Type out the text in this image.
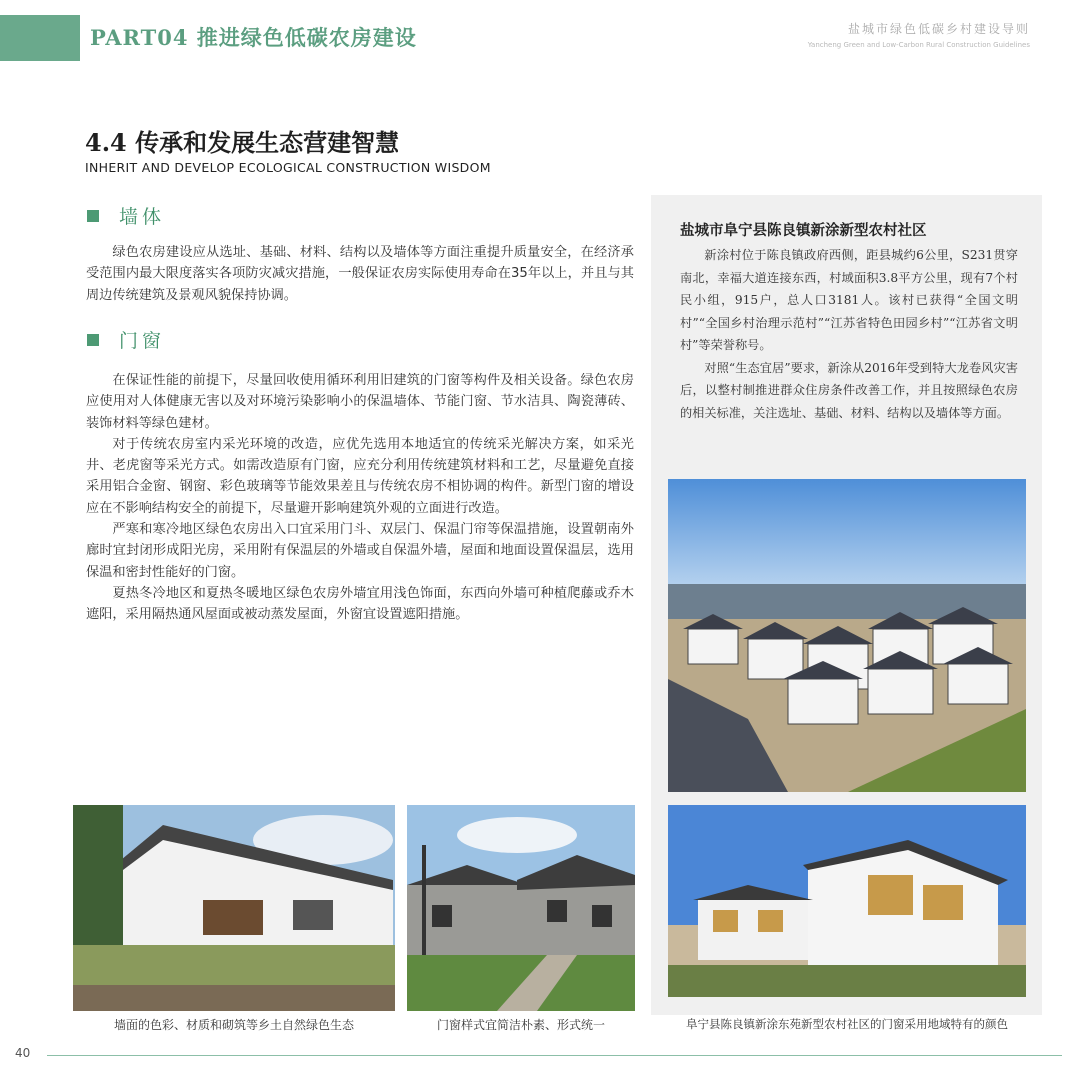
PART04 推进绿色低碳农房建设	盐城市绿色低碳乡村建设导则
Yancheng Green and Low-Carbon Rural Construction Guidelines
4.4 传承和发展生态营建智慧
INHERIT AND DEVELOP ECOLOGICAL CONSTRUCTION WISDOM
墙体

绿色农房建设应从选址、基础、材料、结构以及墙体等方面注重提升质量安全，在经济承受范围内最大限度落实各项防灾减灾措施，一般保证农房实际使用寿命在35年以上，并且与其周边传统建筑及景观风貌保持协调。

门窗

在保证性能的前提下，尽量回收使用循环利用旧建筑的门窗等构件及相关设备。绿色农房应使用对人体健康无害以及对环境污染影响小的保温墙体、节能门窗、节水洁具、陶瓷薄砖、装饰材料等绿色建材。

对于传统农房室内采光环境的改造，应优先选用本地适宜的传统采光解决方案，如采光井、老虎窗等采光方式。如需改造原有门窗，应充分利用传统建筑材料和工艺，尽量避免直接采用铝合金窗、钢窗、彩色玻璃等节能效果差且与传统农房不相协调的构件。新型门窗的增设应在不影响结构安全的前提下，尽量避开影响建筑外观的立面进行改造。

严寒和寒冷地区绿色农房出入口宜采用门斗、双层门、保温门帘等保温措施，设置朝南外廊时宜封闭形成阳光房，采用附有保温层的外墙或自保温外墙，屋面和地面设置保温层，选用保温和密封性能好的门窗。

夏热冬冷地区和夏热冬暖地区绿色农房外墙宜用浅色饰面，东西向外墙可种植爬藤或乔木遮阳，采用隔热通风屋面或被动蒸发屋面，外窗宜设置遮阳措施。

盐城市阜宁县陈良镇新涂新型农村社区

新涂村位于陈良镇政府西侧，距县城约6公里，S231贯穿南北，幸福大道连接东西，村域面积3.8平方公里，现有7个村民小组，915户，总人口3181人。该村已获得“全国文明村”“全国乡村治理示范村”“江苏省特色田园乡村”“江苏省文明村”等荣誉称号。

对照“生态宜居”要求，新涂从2016年受到特大龙卷风灾害后，以整村制推进群众住房条件改善工作，并且按照绿色农房的相关标准，关注选址、基础、材料、结构以及墙体等方面。

墙面的色彩、材质和砌筑等乡土自然绿色生态	门窗样式宜简洁朴素、形式统一	阜宁县陈良镇新涂东苑新型农村社区的门窗采用地域特有的颜色
40
